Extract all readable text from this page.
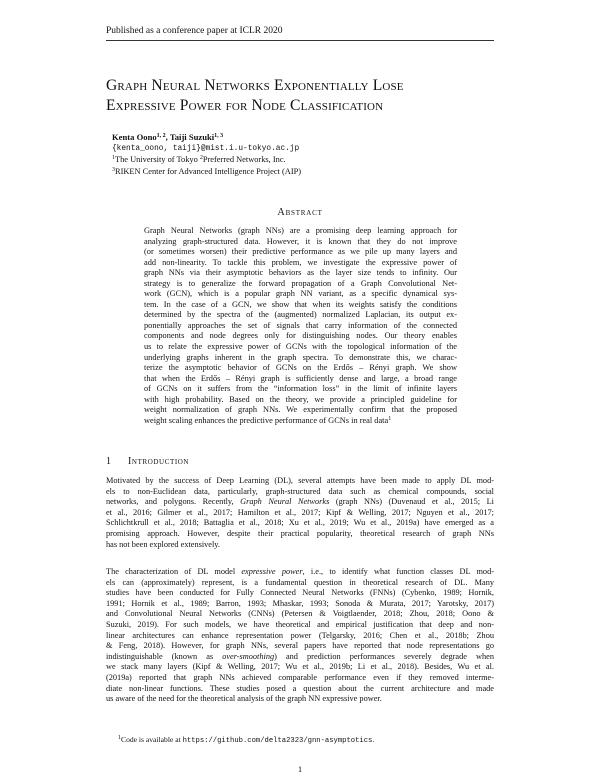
Published as a conference paper at ICLR 2020
Graph Neural Networks Exponentially Lose
Expressive Power for Node Classification
Kenta Oono$^{1, 2}$, Taiji Suzuki$^{1, 3}$
{kenta_oono, taiji}@mist.i.u-tokyo.ac.jp
$^1$The University of Tokyo $^2$Preferred Networks, Inc.
$^3$RIKEN Center for Advanced Intelligence Project (AIP)
Abstract
Graph Neural Networks (graph NNs) are a promising deep learning approach for
analyzing graph-structured data. However, it is known that they do not improve
(or sometimes worsen) their predictive performance as we pile up many layers and
add non-linearity. To tackle this problem, we investigate the expressive power of
graph NNs via their asymptotic behaviors as the layer size tends to infinity. Our
strategy is to generalize the forward propagation of a Graph Convolutional Net-
work (GCN), which is a popular graph NN variant, as a specific dynamical sys-
tem. In the case of a GCN, we show that when its weights satisfy the conditions
determined by the spectra of the (augmented) normalized Laplacian, its output ex-
ponentially approaches the set of signals that carry information of the connected
components and node degrees only for distinguishing nodes. Our theory enables
us to relate the expressive power of GCNs with the topological information of the
underlying graphs inherent in the graph spectra. To demonstrate this, we charac-
terize the asymptotic behavior of GCNs on the Erdős – Rényi graph. We show
that when the Erdős – Rényi graph is sufficiently dense and large, a broad range
of GCNs on it suffers from the “information loss” in the limit of infinite layers
with high probability. Based on the theory, we provide a principled guideline for
weight normalization of graph NNs. We experimentally confirm that the proposed
weight scaling enhances the predictive performance of GCNs in real data$^1$
1 Introduction
Motivated by the success of Deep Learning (DL), several attempts have been made to apply DL mod-
els to non-Euclidean data, particularly, graph-structured data such as chemical compounds, social
networks, and polygons. Recently, Graph Neural Networks (graph NNs) (Duvenaud et al., 2015; Li
et al., 2016; Gilmer et al., 2017; Hamilton et al., 2017; Kipf & Welling, 2017; Nguyen et al., 2017;
Schlichtkrull et al., 2018; Battaglia et al., 2018; Xu et al., 2019; Wu et al., 2019a) have emerged as a
promising approach. However, despite their practical popularity, theoretical research of graph NNs
has not been explored extensively.
The characterization of DL model expressive power, i.e., to identify what function classes DL mod-
els can (approximately) represent, is a fundamental question in theoretical research of DL. Many
studies have been conducted for Fully Connected Neural Networks (FNNs) (Cybenko, 1989; Hornik,
1991; Hornik et al., 1989; Barron, 1993; Mhaskar, 1993; Sonoda & Murata, 2017; Yarotsky, 2017)
and Convolutional Neural Networks (CNNs) (Petersen & Voigtlaender, 2018; Zhou, 2018; Oono &
Suzuki, 2019). For such models, we have theoretical and empirical justification that deep and non-
linear architectures can enhance representation power (Telgarsky, 2016; Chen et al., 2018b; Zhou
& Feng, 2018). However, for graph NNs, several papers have reported that node representations go
indistinguishable (known as over-smoothing) and prediction performances severely degrade when
we stack many layers (Kipf & Welling, 2017; Wu et al., 2019b; Li et al., 2018). Besides, Wu et al.
(2019a) reported that graph NNs achieved comparable performance even if they removed interme-
diate non-linear functions. These studies posed a question about the current architecture and made
us aware of the need for the theoretical analysis of the graph NN expressive power.
$^1$Code is available at https://github.com/delta2323/gnn-asymptotics.
1
